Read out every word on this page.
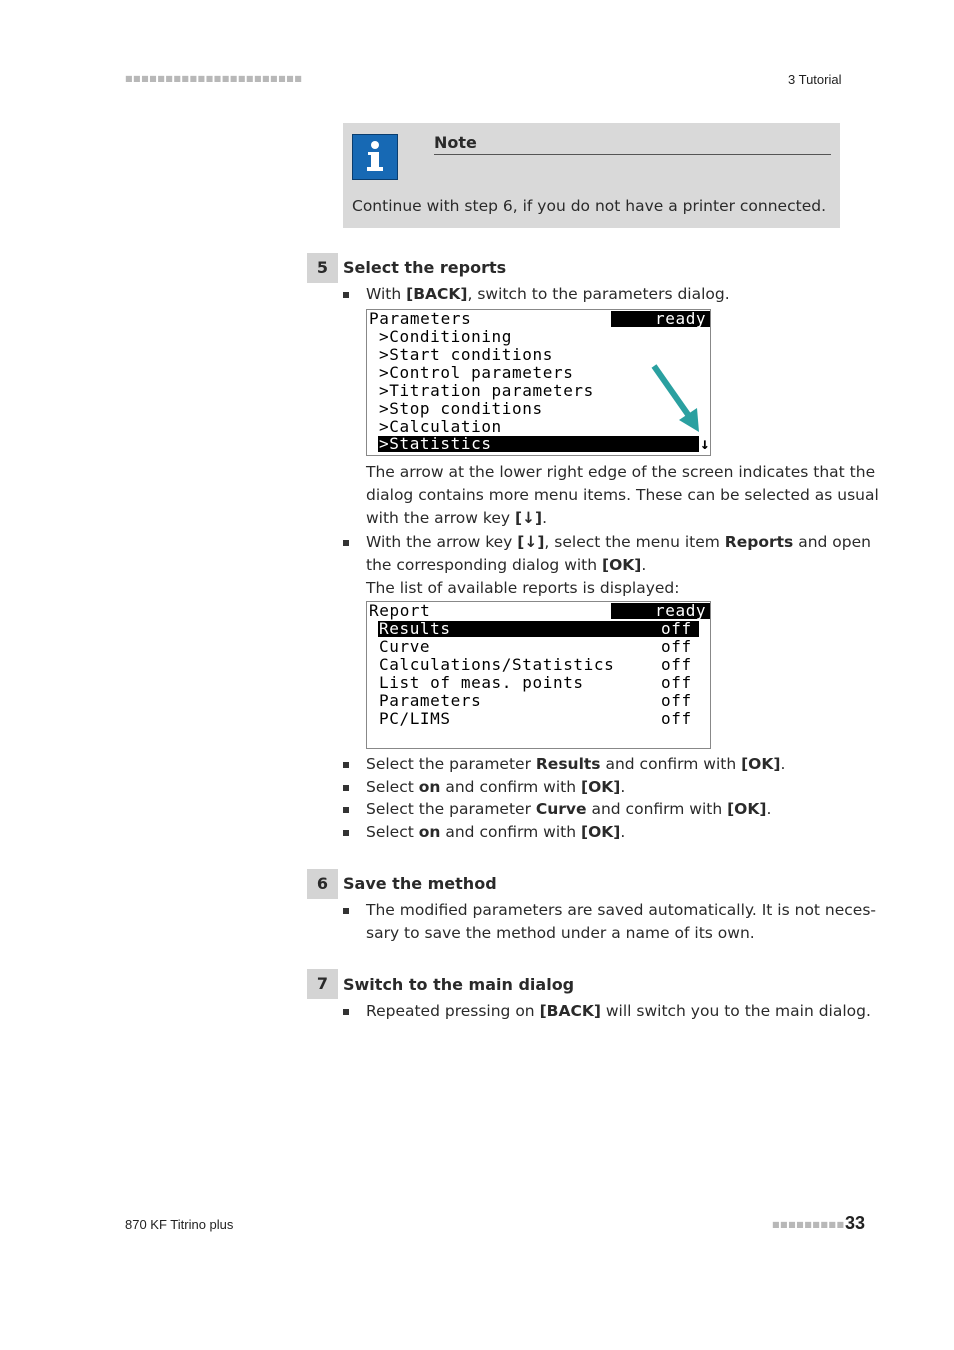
■■■■■■■■■■■■■■■■■■■■■■	3 Tutorial
Note
Continue with step 6, if you do not have a printer connected.
5 Select the reports
With [BACK], switch to the parameters dialog.
Parameters	ready
>Conditioning
>Start conditions
>Control parameters
>Titration parameters
>Stop conditions
>Calculation
>Statistics	↓
The arrow at the lower right edge of the screen indicates that the
dialog contains more menu items. These can be selected as usual
with the arrow key [↓].
With the arrow key [↓], select the menu item Reports and open
the corresponding dialog with [OK].
The list of available reports is displayed:
Report	ready
Results	off
Curve	off
Calculations/Statistics	off
List of meas. points	off
Parameters	off
PC/LIMS	off
Select the parameter Results and confirm with [OK].
Select on and confirm with [OK].
Select the parameter Curve and confirm with [OK].
Select on and confirm with [OK].
6 Save the method
The modified parameters are saved automatically. It is not neces-
sary to save the method under a name of its own.
7 Switch to the main dialog
Repeated pressing on [BACK] will switch you to the main dialog.
870 KF Titrino plus	■■■■■■■■■ 33
